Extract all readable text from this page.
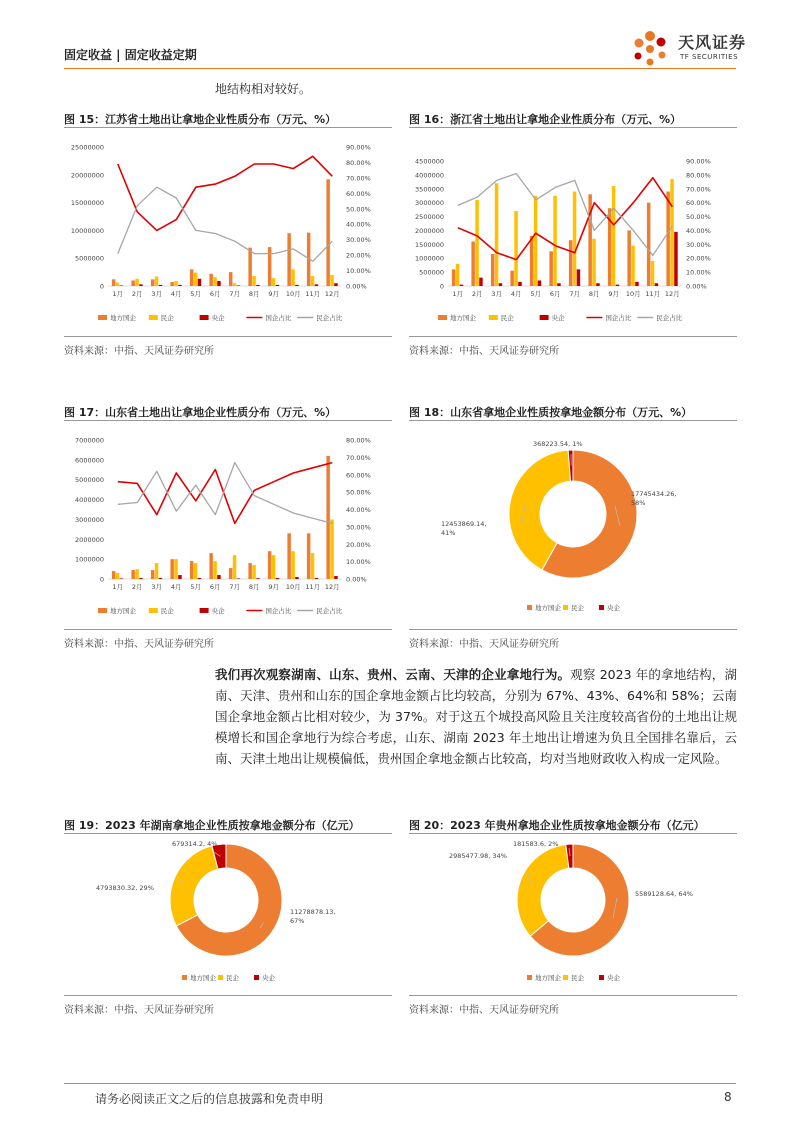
固定收益 | 固定收益定期
天风证券
TF SECURITIES
地结构相对较好。
图 15：江苏省土地出让拿地企业性质分布（万元、%）
0
5000000
10000000
15000000
20000000
25000000
0.00%
10.00%
20.00%
30.00%
40.00%
50.00%
60.00%
70.00%
80.00%
90.00%
1月 2月 3月 4月 5月 6月 7月 8月 9月 10月 11月 12月
地方国企	民企	央企	国企占比	民企占比
资料来源：中指、天风证券研究所
图 16：浙江省土地出让拿地企业性质分布（万元、%）
0
500000
1000000
1500000
2000000
2500000
3000000
3500000
4000000
4500000
0.00%
10.00%
20.00%
30.00%
40.00%
50.00%
60.00%
70.00%
80.00%
90.00%
1月 2月 3月 4月 5月 6月 7月 8月 9月 10月 11月 12月
地方国企	民企	央企	国企占比	民企占比
资料来源：中指、天风证券研究所
图 17：山东省土地出让拿地企业性质分布（万元、%）
0
1000000
2000000
3000000
4000000
5000000
6000000
7000000
0.00%
10.00%
20.00%
30.00%
40.00%
50.00%
60.00%
70.00%
80.00%
1月 2月 3月 4月 5月 6月 7月 8月 9月 10月 11月 12月
地方国企	民企	央企	国企占比	民企占比
资料来源：中指、天风证券研究所
图 18：山东省拿地企业性质按拿地金额分布（万元、%）
17745434.26,
58%
12453869.14,
41%
368223.54, 1%
地方国企 民企	央企
资料来源：中指、天风证券研究所
我们再次观察湖南、山东、贵州、云南、天津的企业拿地行为。观察 2023 年的拿地结构，湖南、天津、贵州和山东的国企拿地金额占比均较高，分别为 67%、43%、64%和 58%；云南国企拿地金额占比相对较少，为 37%。对于这五个城投高风险且关注度较高省份的土地出让规模增长和国企拿地行为综合考虑，山东、湖南 2023 年土地出让增速为负且全国排名靠后，云南、天津土地出让规模偏低，贵州国企拿地金额占比较高，均对当地财政收入构成一定风险。
图 19：2023 年湖南拿地企业性质按拿地金额分布（亿元）
11278878.13,
67%
4793830.32, 29%
679314.2, 4%
地方国企 民企	央企
资料来源：中指、天风证券研究所
图 20：2023 年贵州拿地企业性质按拿地金额分布（亿元）
5589128.64, 64%
2985477.98, 34%
181583.6, 2%
地方国企 民企	央企
资料来源：中指、天风证券研究所
请务必阅读正文之后的信息披露和免责申明	8
